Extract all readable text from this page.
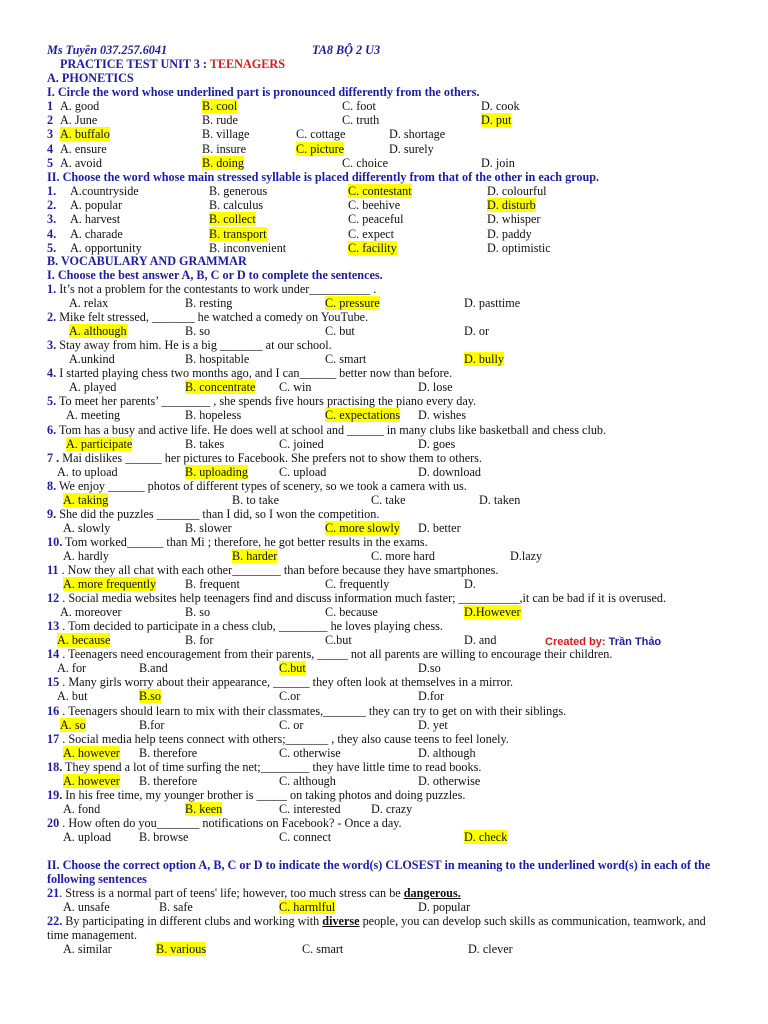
Ms Tuyền 037.257.6041	TA8 BỘ 2 U3
PRACTICE TEST UNIT 3 : TEENAGERS
A. PHONETICS
I. Circle the word whose underlined part is pronounced differently from the others.
1 A. good	B. cool	C. foot	D. cook
2 A. June	B. rude	C. truth	D. put
3 A. buffalo	B. village	C. cottage	D. shortage
4 A. ensure	B. insure	C. picture	D. surely
5 A. avoid	B. doing	C. choice	D. join
II. Choose the word whose main stressed syllable is placed differently from that of the other in each group.
1. A.countryside	B. generous	C. contestant	D. colourful
2. A. popular	B. calculus	C. beehive	D. disturb
3. A. harvest	B. collect	C. peaceful	D. whisper
4. A. charade	B. transport	C. expect	D. paddy
5. A. opportunity	B. inconvenient	C. facility	D. optimistic
B. VOCABULARY AND GRAMMAR
I. Choose the best answer A, B, C or D to complete the sentences.
1. It’s not a problem for the contestants to work under__________ .
A. relax	B. resting	C. pressure	D. pasttime
2. Mike felt stressed, _______ he watched a comedy on YouTube.
A. although	B. so	C. but	D. or
3. Stay away from him. He is a big _______ at our school.
A.unkind	B. hospitable	C. smart	D. bully
4. I started playing chess two months ago, and I can______ better now than before.
A. played	B. concentrate C. win	D. lose
5. To meet her parents’ ________ , she spends five hours practising the piano every day.
A. meeting	B. hopeless	C. expectations D. wishes
6. Tom has a busy and active life. He does well at school and ______ in many clubs like basketball and chess club.
A. participate	B. takes	C. joined	D. goes
7 . Mai dislikes ______ her pictures to Facebook. She prefers not to show them to others.
A. to upload	B. uploading	C. upload	D. download
8. We enjoy ______ photos of different types of scenery, so we took a camera with us.
A. taking	B. to take	C. take	D. taken
9. She did the puzzles _______ than I did, so I won the competition.
A. slowly	B. slower	C. more slowly D. better
10. Tom worked______ than Mi ; therefore, he got better results in the exams.
A. hardly	B. harder	C. more hard	D.lazy
11 . Now they all chat with each other________ than before because they have smartphones.
A. more frequently B. frequent	C. frequently	D.
12 . Social media websites help teenagers find and discuss information much faster; __________,it can be bad if it is overused.
A. moreover	B. so	C. because	D.However
13 . Tom decided to participate in a chess club, ________ he loves playing chess.
A. because	B. for	C.but	D. and
14 . Teenagers need encouragement from their parents, _____ not all parents are willing to encourage their children.
A. for	B.and	C.but	D.so
15 . Many girls worry about their appearance, ______ they often look at themselves in a mirror.
A. but	B.so	C.or	D.for
16 . Teenagers should learn to mix with their classmates,_______ they can try to get on with their siblings.
A. so	B.for	C. or	D. yet
17 . Social media help teens connect with others;_______ , they also cause teens to feel lonely.
A. however B. therefore	C. otherwise	D. although
18. They spend a lot of time surfing the net;________ they have little time to read books.
A. however B. therefore	C. although	D. otherwise
19. In his free time, my younger brother is _____ on taking photos and doing puzzles.
A. fond	B. keen	C. interested D. crazy
20 . How often do you_______ notifications on Facebook? - Once a day.
A. upload B. browse	C. connect	D. check
Created by: Trần Thảo
II. Choose the correct option A, B, C or D to indicate the word(s) CLOSEST in meaning to the underlined word(s) in each of the following sentences
21. Stress is a normal part of teens' life; however, too much stress can be dangerous.
A. unsafe	B. safe	C. harmlful	D. popular
22. By participating in different clubs and working with diverse people, you can develop such skills as communication, teamwork, and time management.
A. similar	B. various	C. smart	D. clever
